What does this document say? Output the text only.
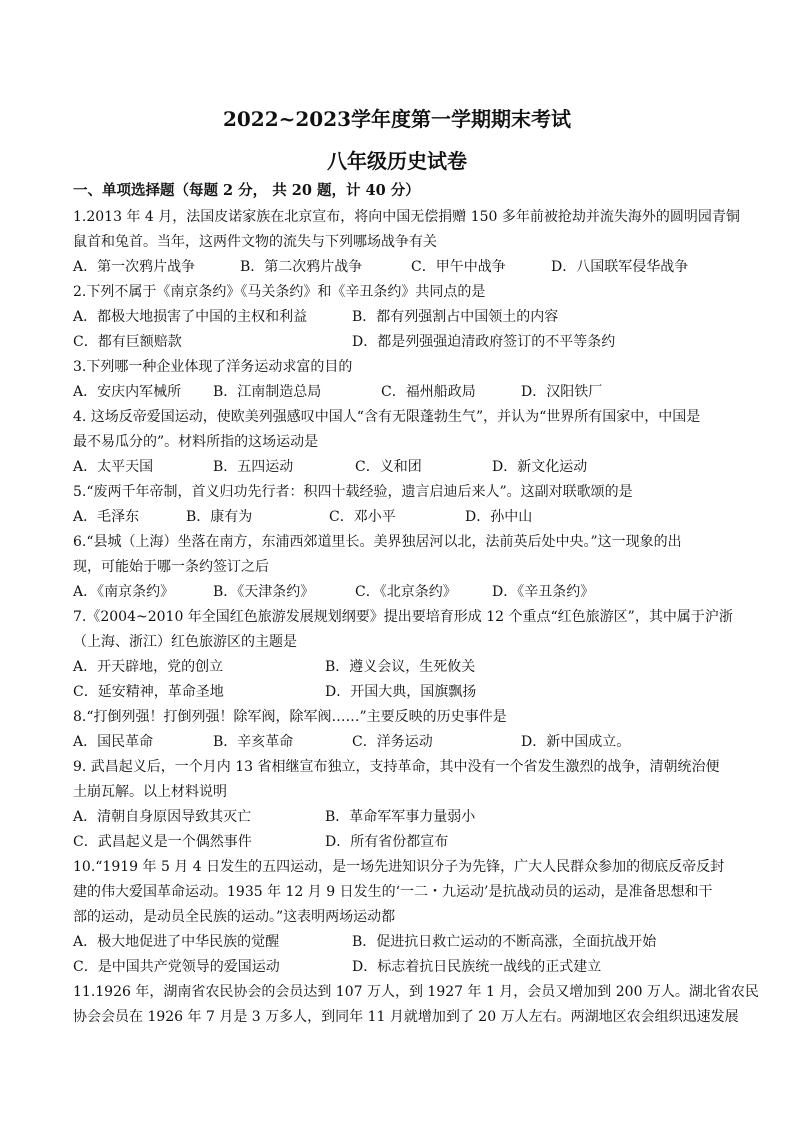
2022~2023学年度第一学期期末考试
八年级历史试卷
一、单项选择题（每题 2 分， 共 20 题，计 40 分）
1.2013 年 4 月，法国皮诺家族在北京宣布，将向中国无偿捐赠 150 多年前被抢劫并流失海外的圆明园青铜
鼠首和兔首。当年，这两件文物的流失与下列哪场战争有关
A．第一次鸦片战争	B．第二次鸦片战争	C．甲午中战争	D．八国联军侵华战争
2.下列不属于《南京条约》《马关条约》和《辛丑条约》共同点的是
A．都极大地损害了中国的主权和利益	B．都有列强割占中国领土的内容
C．都有巨额赔款	D．都是列强强迫清政府签订的不平等条约
3.下列哪一种企业体现了洋务运动求富的目的
A．安庆内军械所 B．江南制造总局	C．福州船政局	D．汉阳铁厂
4. 这场反帝爱国运动，使欧美列强感叹中国人“含有无限蓬勃生气”，并认为“世界所有国家中，中国是
最不易瓜分的”。材料所指的这场运动是
A．太平天国	B．五四运动	C．义和团	D．新文化运动
5.“废两千年帝制，首义归功先行者：积四十载经验，遗言启迪后来人”。这副对联歌颂的是
A．毛泽东	B．康有为	C．邓小平	D．孙中山
6.“县城（上海）坐落在南方，东浦西郊道里长。美界独居河以北，法前英后处中央。”这一现象的出
现，可能始于哪一条约签订之后
A．《南京条约》	B．《天津条约》	C．《北京条约》	D．《辛丑条约》
7.《2004~2010 年全国红色旅游发展规划纲要》提出要培育形成 12 个重点“红色旅游区”，其中属于沪浙
（上海、浙江）红色旅游区的主题是
A．开天辟地，党的创立	B．遵义会议，生死攸关
C．延安精神，革命圣地	D．开国大典，国旗飘扬
8.“打倒列强！打倒列强！除军阀，除军阀……”主要反映的历史事件是
A．国民革命	B．辛亥革命	C．洋务运动	D．新中国成立。
9. 武昌起义后，一个月内 13 省相继宣布独立，支持革命，其中没有一个省发生激烈的战争，清朝统治便
土崩瓦解。以上材料说明
A．清朝自身原因导致其灭亡	B．革命军军事力量弱小
C．武昌起义是一个偶然事件	D．所有省份都宣布
10.“1919 年 5 月 4 日发生的五四运动，是一场先进知识分子为先锋，广大人民群众参加的彻底反帝反封
建的伟大爱国革命运动。1935 年 12 月 9 日发生的‘一二・九运动’是抗战动员的运动，是准备思想和干
部的运动，是动员全民族的运动。”这表明两场运动都
A．极大地促进了中华民族的觉醒	B．促进抗日救亡运动的不断高涨，全面抗战开始
C．是中国共产党领导的爱国运动	D．标志着抗日民族统一战线的正式建立
11.1926 年，湖南省农民协会的会员达到 107 万人，到 1927 年 1 月，会员又增加到 200 万人。湖北省农民
协会会员在 1926 年 7 月是 3 万多人，到同年 11 月就增加到了 20 万人左右。两湖地区农会组织迅速发展
